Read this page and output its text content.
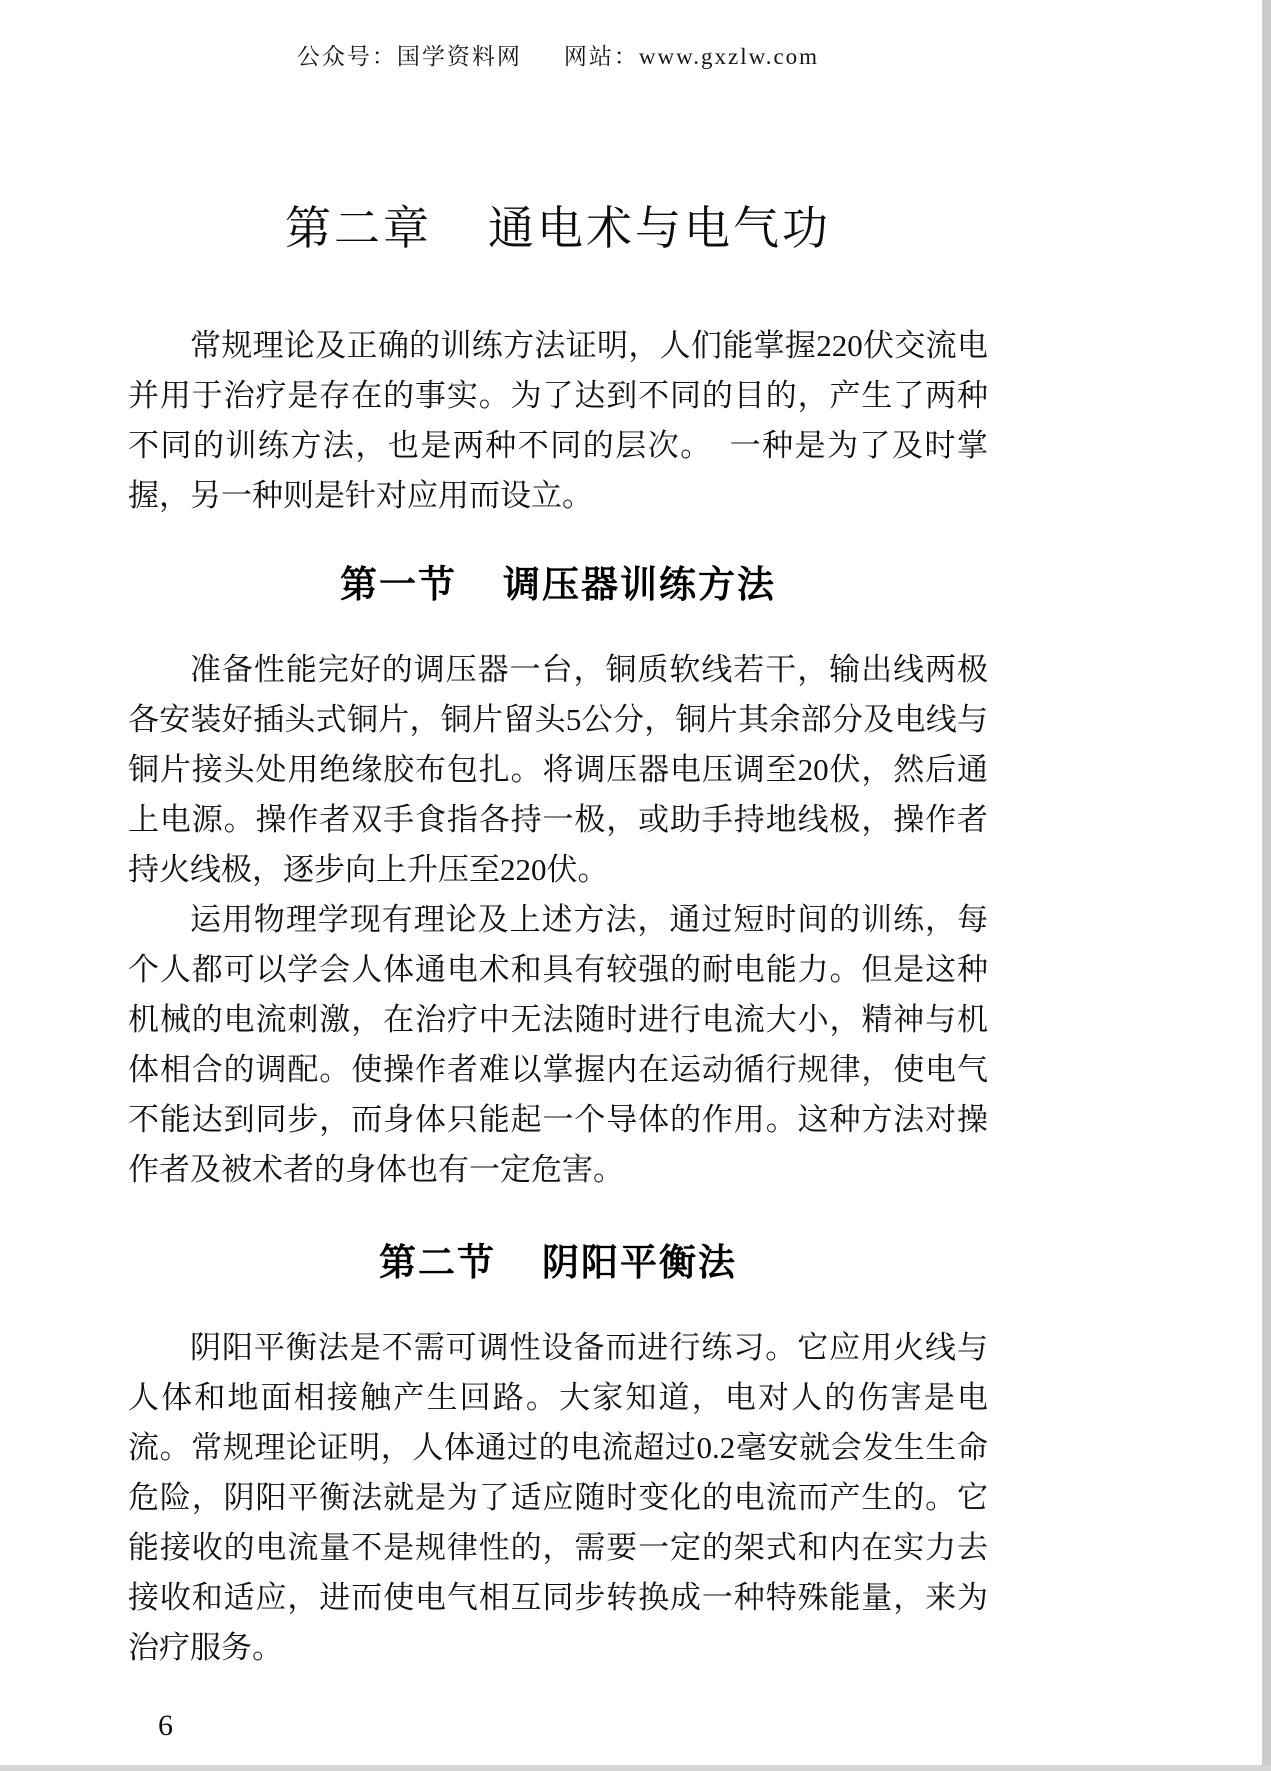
公众号：国学资料网 网站：www.gxzlw.com
第二章 通电术与电气功

常规理论及正确的训练方法证明，人们能掌握220伏交流电并用于治疗是存在的事实。为了达到不同的目的，产生了两种不同的训练方法，也是两种不同的层次。　一种是为了及时掌握，另一种则是针对应用而设立。

第一节 调压器训练方法

准备性能完好的调压器一台，铜质软线若干，输出线两极各安装好插头式铜片，铜片留头5公分，铜片其余部分及电线与铜片接头处用绝缘胶布包扎。将调压器电压调至20伏，然后通上电源。操作者双手食指各持一极，或助手持地线极，操作者持火线极，逐步向上升压至220伏。

运用物理学现有理论及上述方法，通过短时间的训练，每个人都可以学会人体通电术和具有较强的耐电能力。但是这种机械的电流刺激，在治疗中无法随时进行电流大小，精神与机体相合的调配。使操作者难以掌握内在运动循行规律，使电气不能达到同步，而身体只能起一个导体的作用。这种方法对操作者及被术者的身体也有一定危害。

第二节 阴阳平衡法

阴阳平衡法是不需可调性设备而进行练习。它应用火线与人体和地面相接触产生回路。大家知道，电对人的伤害是电流。常规理论证明，人体通过的电流超过0.2毫安就会发生生命危险，阴阳平衡法就是为了适应随时变化的电流而产生的。它能接收的电流量不是规律性的，需要一定的架式和内在实力去接收和适应，进而使电气相互同步转换成一种特殊能量，来为治疗服务。

6
